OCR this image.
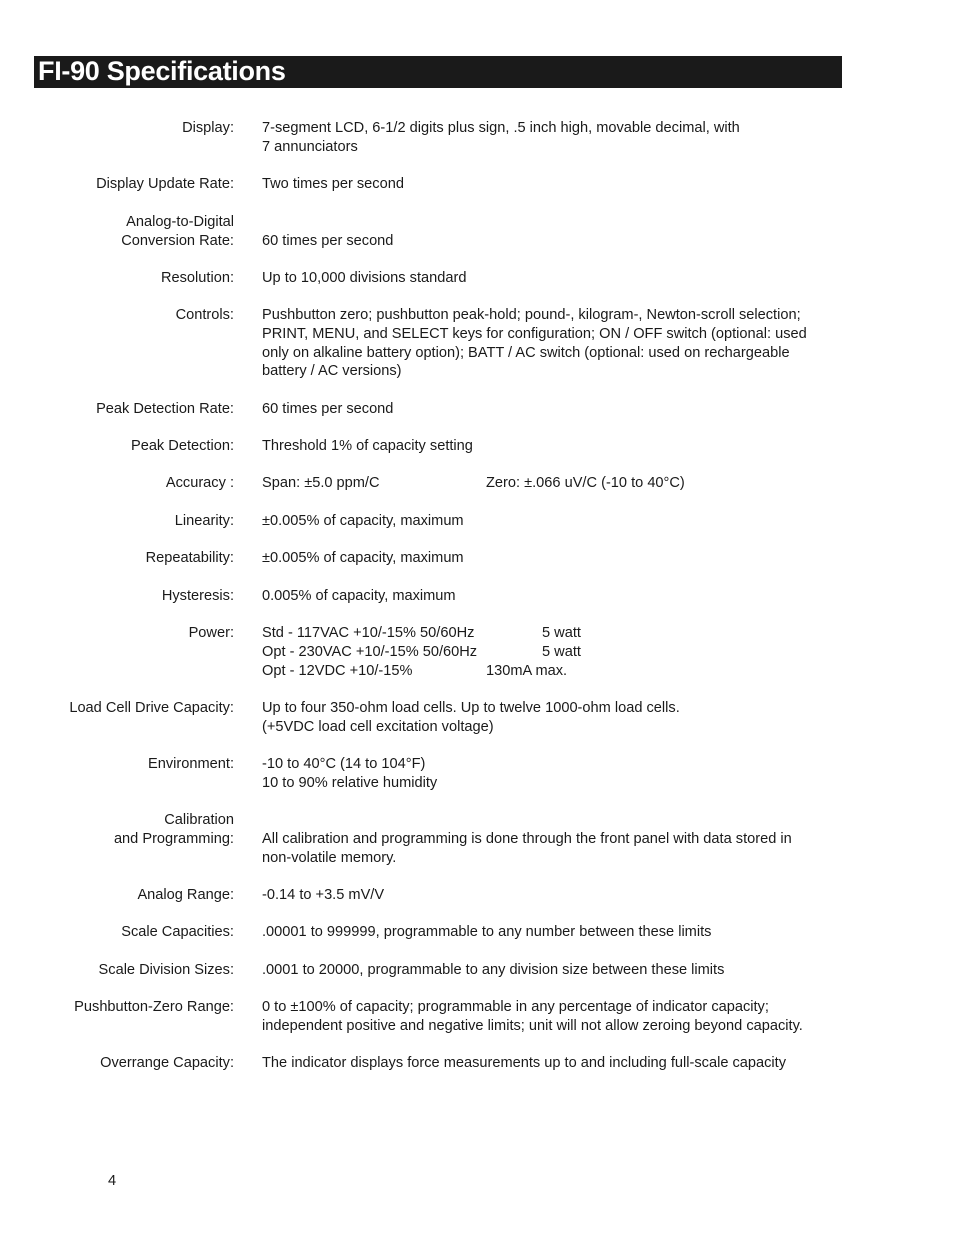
FI-90 Specifications
Display: 7-segment LCD, 6-1/2 digits plus sign, .5 inch high, movable decimal, with
7 annunciators
Display Update Rate: Two times per second
Analog-to-Digital
Conversion Rate: 60 times per second
Resolution: Up to 10,000 divisions standard
Controls: Pushbutton zero; pushbutton peak-hold; pound-, kilogram-, Newton-scroll selection;
PRINT, MENU, and SELECT keys for configuration; ON / OFF switch (optional: used
only on alkaline battery option); BATT / AC switch (optional: used on rechargeable
battery / AC versions)
Peak Detection Rate: 60 times per second
Peak Detection: Threshold 1% of capacity setting
Accuracy : Span: ±5.0 ppm/C	Zero: ±.066 uV/C (-10 to 40°C)
Linearity: ±0.005% of capacity, maximum
Repeatability: ±0.005% of capacity, maximum
Hysteresis: 0.005% of capacity, maximum
Power: Std - 117VAC +10/-15% 50/60Hz	5 watt
Opt - 230VAC +10/-15% 50/60Hz	5 watt
Opt - 12VDC +10/-15%	130mA max.
Load Cell Drive Capacity: Up to four 350-ohm load cells. Up to twelve 1000-ohm load cells.
(+5VDC load cell excitation voltage)
Environment: -10 to 40°C (14 to 104°F)
10 to 90% relative humidity
Calibration
and Programming: All calibration and programming is done through the front panel with data stored in
non-volatile memory.
Analog Range: -0.14 to +3.5 mV/V
Scale Capacities: .00001 to 999999, programmable to any number between these limits
Scale Division Sizes: .0001 to 20000, programmable to any division size between these limits
Pushbutton-Zero Range: 0 to ±100% of capacity; programmable in any percentage of indicator capacity;
independent positive and negative limits; unit will not allow zeroing beyond capacity.
Overrange Capacity: The indicator displays force measurements up to and including full-scale capacity
4
